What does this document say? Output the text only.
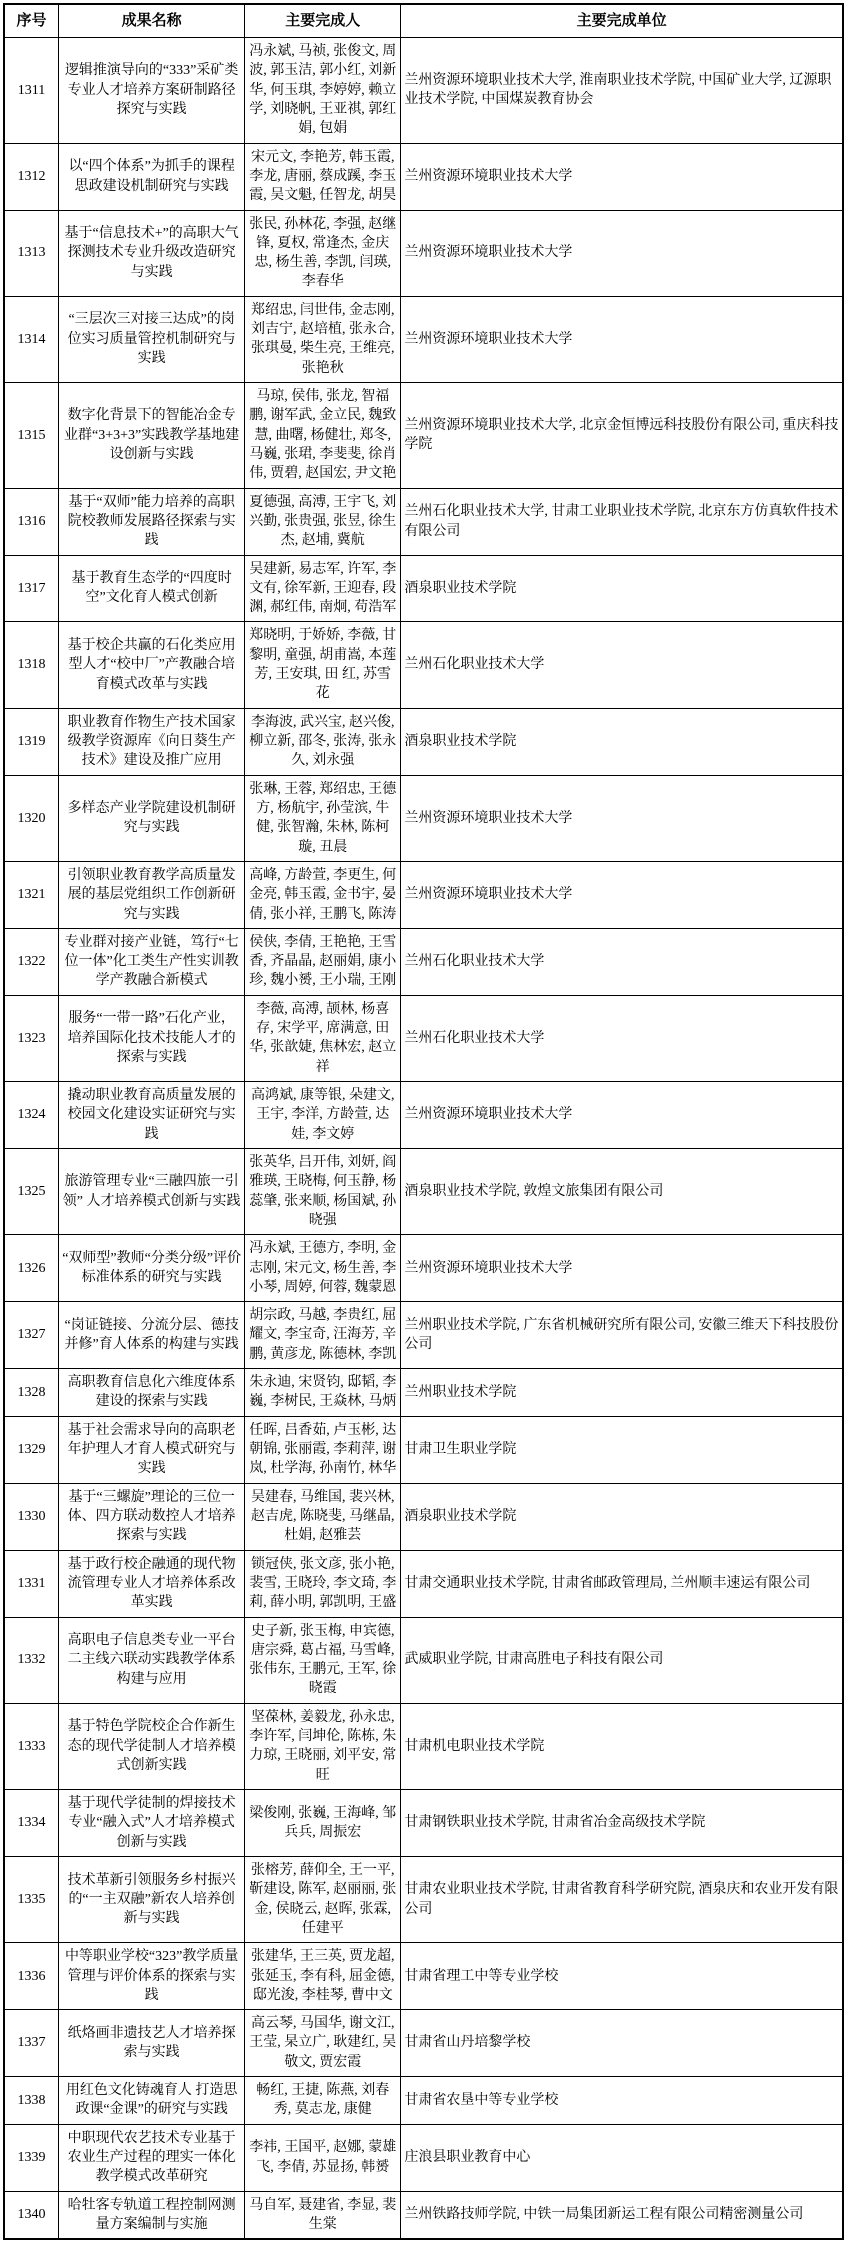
序号	成果名称	主要完成人	主要完成单位
1311	逻辑推演导向的“333”采矿类专业人才培养方案研制路径探究与实践	冯永斌, 马祯, 张俊文, 周波, 郭玉洁, 郭小红, 刘新华, 何玉琪, 李婷婷, 赖立学, 刘晓帆, 王亚祺, 郭红娟, 包娟	兰州资源环境职业技术大学, 淮南职业技术学院, 中国矿业大学, 辽源职业技术学院, 中国煤炭教育协会
1312	以“四个体系”为抓手的课程思政建设机制研究与实践	宋元文, 李艳芳, 韩玉霞, 李龙, 唐丽, 蔡成蹊, 李玉霞, 吴文魁, 任智龙, 胡昊	兰州资源环境职业技术大学
1313	基于“信息技术+”的高职大气探测技术专业升级改造研究与实践	张民, 孙林花, 李强, 赵继锋, 夏权, 常逢杰, 金庆忠, 杨生善, 李凯, 闫瑛, 李春华	兰州资源环境职业技术大学
1314	“三层次三对接三达成”的岗位实习质量管控机制研究与实践	郑绍忠, 闫世伟, 金志刚, 刘吉宁, 赵培植, 张永合, 张琪曼, 柴生亮, 王维亮, 张艳秋	兰州资源环境职业技术大学
1315	数字化背景下的智能冶金专业群“3+3+3”实践教学基地建设创新与实践	马琼, 侯伟, 张龙, 智福鹏, 谢军武, 金立民, 魏致慧, 曲曙, 杨健壮, 郑冬, 马巍, 张珺, 李斐斐, 徐肖伟, 贾碧, 赵国宏, 尹文艳	兰州资源环境职业技术大学, 北京金恒博远科技股份有限公司, 重庆科技学院
1316	基于“双师”能力培养的高职院校教师发展路径探索与实践	夏德强, 高溥, 王宇飞, 刘兴勤, 张贵强, 张昱, 徐生杰, 赵埔, 冀航	兰州石化职业技术大学, 甘肃工业职业技术学院, 北京东方仿真软件技术有限公司
1317	基于教育生态学的“四度时空”文化育人模式创新	吴建新, 易志军, 许军, 李文有, 徐军新, 王迎春, 段渊, 郝红伟, 南炯, 苟浩军	酒泉职业技术学院
1318	基于校企共赢的石化类应用型人才“校中厂”产教融合培育模式改革与实践	郑晓明, 于娇娇, 李薇, 甘黎明, 童强, 胡甫嵩, 本莲芳, 王安琪, 田 红, 苏雪花	兰州石化职业技术大学
1319	职业教育作物生产技术国家级教学资源库《向日葵生产技术》建设及推广应用	李海波, 武兴宝, 赵兴俊, 柳立新, 邵冬, 张涛, 张永久, 刘永强	酒泉职业技术学院
1320	多样态产业学院建设机制研究与实践	张琳, 王蓉, 郑绍忠, 王德方, 杨航宇, 孙莹滨, 牛健, 张智瀚, 朱林, 陈柯璇, 丑晨	兰州资源环境职业技术大学
1321	引领职业教育教学高质量发展的基层党组织工作创新研究与实践	高峰, 方龄萱, 李更生, 何金亮, 韩玉霞, 金书宇, 晏倩, 张小祥, 王鹏飞, 陈涛	兰州资源环境职业技术大学
1322	专业群对接产业链，笃行“七位一体”化工类生产性实训教学产教融合新模式	侯侠, 李倩, 王艳艳, 王雪香, 齐晶晶, 赵丽娟, 康小珍, 魏小赟, 王小瑞, 王刚	兰州石化职业技术大学
1323	服务“一带一路”石化产业，培养国际化技术技能人才的探索与实践	李薇, 高溥, 颉林, 杨喜存, 宋学平, 席满意, 田华, 张歆婕, 焦林宏, 赵立祥	兰州石化职业技术大学
1324	撬动职业教育高质量发展的校园文化建设实证研究与实践	高鸿斌, 康等银, 朵建文, 王宇, 李洋, 方龄萱, 达娃, 李文婷	兰州资源环境职业技术大学
1325	旅游管理专业“三融四旅一引领” 人才培养模式创新与实践	张英华, 吕开伟, 刘妍, 阎雅瑛, 王晓梅, 何玉静, 杨蕊肇, 张来顺, 杨国斌, 孙晓强	酒泉职业技术学院, 敦煌文旅集团有限公司
1326	“双师型”教师“分类分级”评价标准体系的研究与实践	冯永斌, 王德方, 李明, 金志刚, 宋元文, 杨生善, 李小琴, 周婷, 何蓉, 魏蒙恩	兰州资源环境职业技术大学
1327	“岗证链接、分流分层、德技并修”育人体系的构建与实践	胡宗政, 马越, 李贵红, 屈耀文, 李宝奇, 汪海芳, 辛鹏, 黄彦龙, 陈德林, 李凯	兰州职业技术学院, 广东省机械研究所有限公司, 安徽三维天下科技股份公司
1328	高职教育信息化六维度体系建设的探索与实践	朱永迪, 宋贤钧, 邸韬, 李巍, 李树民, 王焱林, 马炳	兰州职业技术学院
1329	基于社会需求导向的高职老年护理人才育人模式研究与实践	任晖, 吕香茹, 卢玉彬, 达朝锦, 张丽霞, 李莉萍, 谢岚, 杜学海, 孙南竹, 林华	甘肃卫生职业学院
1330	基于“三螺旋”理论的三位一体、四方联动数控人才培养探索与实践	吴建春, 马维国, 裴兴林, 赵吉虎, 陈晓斐, 马继晶, 杜娟, 赵雅芸	酒泉职业技术学院
1331	基于政行校企融通的现代物流管理专业人才培养体系改革实践	锁冠侠, 张文彦, 张小艳, 裴雪, 王晓玲, 李文琦, 李莉, 薛小明, 郭凯明, 王盛	甘肃交通职业技术学院, 甘肃省邮政管理局, 兰州顺丰速运有限公司
1332	高职电子信息类专业一平台二主线六联动实践教学体系构建与应用	史子新, 张玉梅, 申宾德, 唐宗舜, 葛占福, 马雪峰, 张伟东, 王鹏元, 王军, 徐晓霞	武威职业学院, 甘肃高胜电子科技有限公司
1333	基于特色学院校企合作新生态的现代学徒制人才培养模式创新实践	坚葆林, 姜毅龙, 孙永忠, 李许军, 闫坤伦, 陈栋, 朱力琼, 王晓丽, 刘平安, 常旺	甘肃机电职业技术学院
1334	基于现代学徒制的焊接技术专业“融入式”人才培养模式创新与实践	梁俊刚, 张巍, 王海峰, 邹兵兵, 周振宏	甘肃钢铁职业技术学院, 甘肃省冶金高级技术学院
1335	技术革新引领服务乡村振兴的“一主双融”新农人培养创新与实践	张榕芳, 薛仰全, 王一平, 靳建设, 陈军, 赵丽丽, 张金, 侯晓云, 赵晖, 张霖, 任建平	甘肃农业职业技术学院, 甘肃省教育科学研究院, 酒泉庆和农业开发有限公司
1336	中等职业学校“323”教学质量管理与评价体系的探索与实践	张建华, 王三英, 贾龙超, 张延玉, 李有科, 屈金德, 邸光浚, 李桂琴, 曹中文	甘肃省理工中等专业学校
1337	纸烙画非遗技艺人才培养探索与实践	高云琴, 马国华, 谢文江, 王莹, 杲立广, 耿建红, 吴敬文, 贾宏霞	甘肃省山丹培黎学校
1338	用红色文化铸魂育人 打造思政课“金课”的研究与实践	畅红, 王捷, 陈燕, 刘春秀, 莫志龙, 康健	甘肃省农垦中等专业学校
1339	中职现代农艺技术专业基于农业生产过程的理实一体化教学模式改革研究	李祎, 王国平, 赵娜, 蒙雄飞, 李倩, 苏显扬, 韩赟	庄浪县职业教育中心
1340	哈牡客专轨道工程控制网测量方案编制与实施	马自军, 聂建省, 李显, 裴生棠	兰州铁路技师学院, 中铁一局集团新运工程有限公司精密测量公司
